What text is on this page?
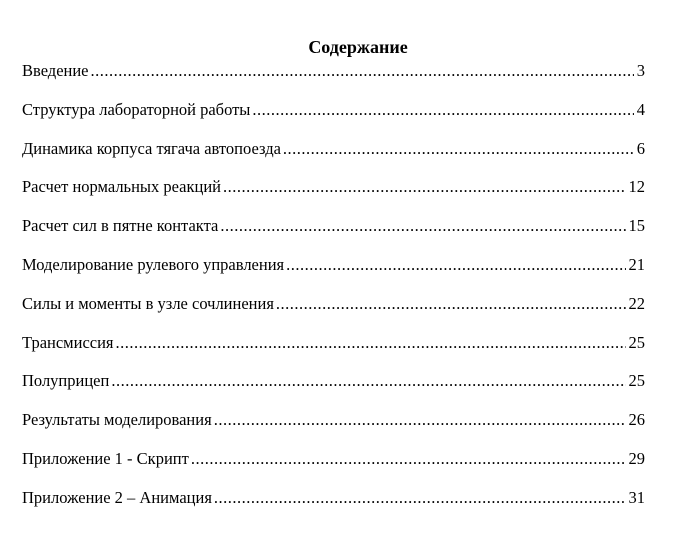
Содержание
Введение .....	3
Структура лабораторной работы .....	4
Динамика корпуса тягача автопоезда .....	6
Расчет нормальных реакций .....	12
Расчет сил в пятне контакта .....	15
Моделирование рулевого управления .....	21
Силы и моменты в узле сочлинения .....	22
Трансмиссия .....	25
Полуприцеп .....	25
Результаты моделирования .....	26
Приложение 1 - Скрипт .....	29
Приложение 2 – Анимация .....	31
